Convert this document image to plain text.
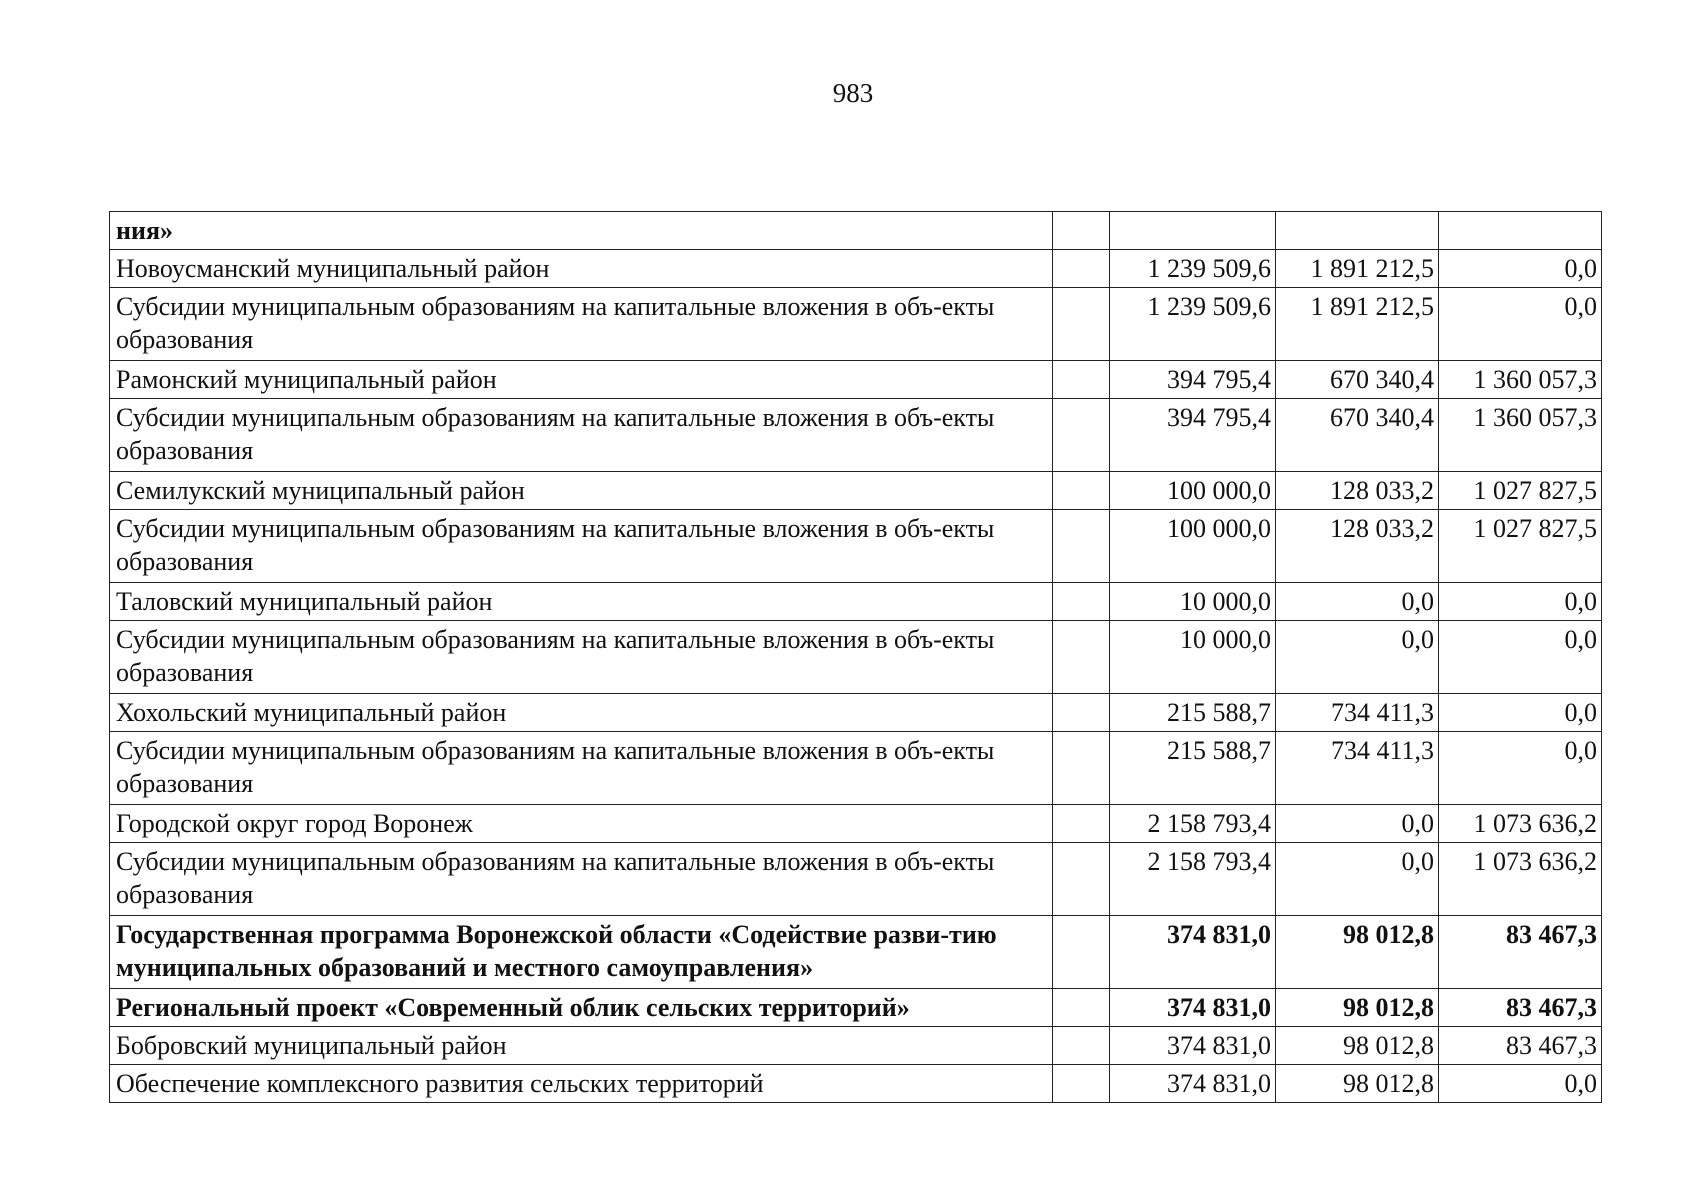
983
ния»				
Новоусманский муниципальный район		1 239 509,6	1 891 212,5	0,0
Субсидии муниципальным образованиям на капитальные вложения в объ-екты образования		1 239 509,6	1 891 212,5	0,0
Рамонский муниципальный район		394 795,4	670 340,4	1 360 057,3
Субсидии муниципальным образованиям на капитальные вложения в объ-екты образования		394 795,4	670 340,4	1 360 057,3
Семилукский муниципальный район		100 000,0	128 033,2	1 027 827,5
Субсидии муниципальным образованиям на капитальные вложения в объ-екты образования		100 000,0	128 033,2	1 027 827,5
Таловский муниципальный район		10 000,0	0,0	0,0
Субсидии муниципальным образованиям на капитальные вложения в объ-екты образования		10 000,0	0,0	0,0
Хохольский муниципальный район		215 588,7	734 411,3	0,0
Субсидии муниципальным образованиям на капитальные вложения в объ-екты образования		215 588,7	734 411,3	0,0
Городской округ город Воронеж		2 158 793,4	0,0	1 073 636,2
Субсидии муниципальным образованиям на капитальные вложения в объ-екты образования		2 158 793,4	0,0	1 073 636,2
Государственная программа Воронежской области «Содействие разви-тию муниципальных образований и местного самоуправления»		374 831,0	98 012,8	83 467,3
Региональный проект «Современный облик сельских территорий»		374 831,0	98 012,8	83 467,3
Бобровский муниципальный район		374 831,0	98 012,8	83 467,3
Обеспечение комплексного развития сельских территорий		374 831,0	98 012,8	0,0
